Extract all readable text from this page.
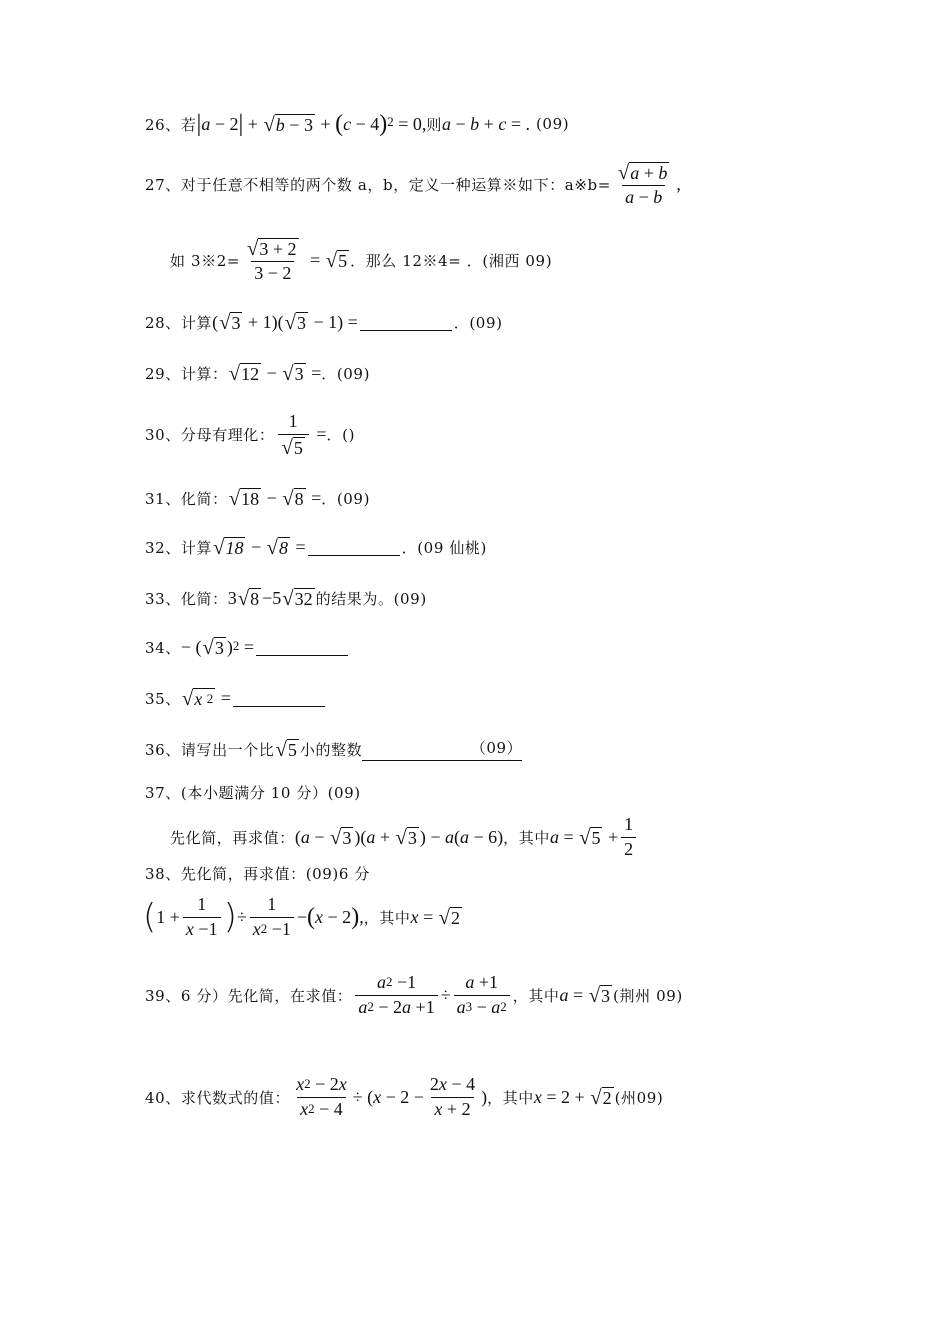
26、 若 | a − 2 | + √ b − 3 + ( c − 4 ) 2 = 0, 则 a − b + c = . (09)
27、 对于任意不相等的两个数 a，b，定义一种运算※如下：a※b= $\frac{√ a + b}{a - b}$ ,
如 3※2= $\frac{√ 3 + 2}{3 - 2}$ = √ 5 ．那么 12※4= ．(湘西 09)
28、 计算 ( √ 3 + 1)( √ 3 − 1) =	．(09)
29、 计算： √ 12 − √ 3 = ．(09)
30、 分母有理化： $\frac{1}{√ 5}$ = ．()
31、 化简： √ 18 − √ 8 = ．(09)
32、 计算 √ 18 − √ 8 =	．(09 仙桃)
33、 化简： 3 √ 8 −5 √ 32 的结果为。(09)
34、 − ( √ 3 ) 2 =
35、 √ x 2 =
36、 请写出一个比 √ 5 小的整数	（09）
37、 (本小题满分 10 分）(09)
先化简，再求值： ( a − √ 3 )( a + √ 3 ) − a ( a − 6) ，其中 a = √ $5 + \frac{1}{2}$
38、 先化简，再求值：(09)6 分
( $1 + \frac{1}{x -1}$ ) ÷ $\frac{1}{x2 -1}$ − ( x − 2 ) , ，其中 x = √ 2
39、 6 分）先化简，在求值： $\frac{a2 -1}{a2 - 2a +1} \div \frac{a +1}{a3 - a2}$ ，其中 a = √ 3 (荆州 09)
40、 求代数式的值： $\frac{x2 - 2x}{x2 - 4}$ ÷ ( $x - 2 - \frac{2x - 4}{x + 2}$ ) ，其中 x = 2 + √ 2 (州09)
